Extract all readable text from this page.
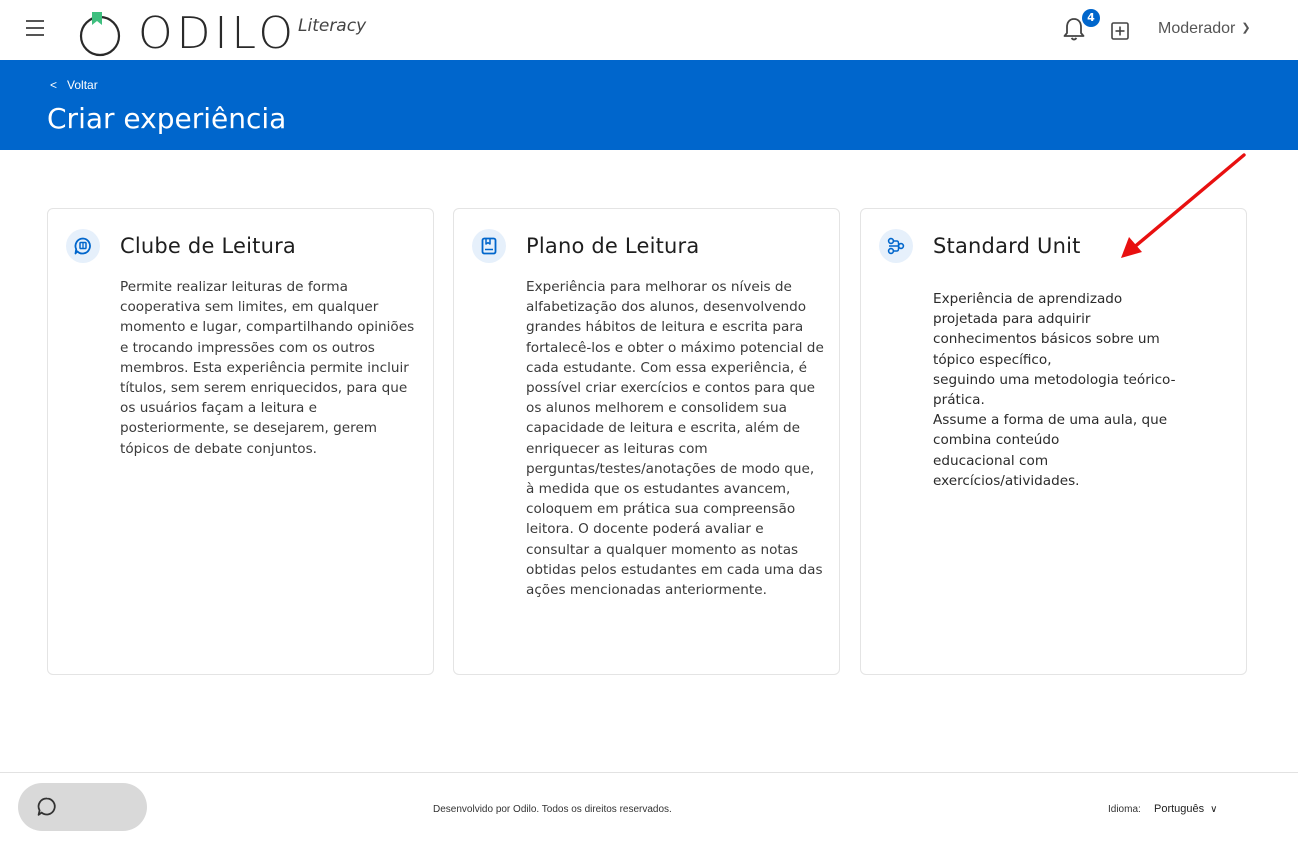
ODILO Literacy	4
Moderador ❯
< Voltar
Criar experiência
Clube de Leitura
Permite realizar leituras de forma cooperativa sem limites, em qualquer momento e lugar, compartilhando opiniões e trocando impressões com os outros membros. Esta experiência permite incluir títulos, sem serem enriquecidos, para que os usuários façam a leitura e posteriormente, se desejarem, gerem tópicos de debate conjuntos.
Plano de Leitura
Experiência para melhorar os níveis de alfabetização dos alunos, desenvolvendo grandes hábitos de leitura e escrita para fortalecê-los e obter o máximo potencial de cada estudante. Com essa experiência, é possível criar exercícios e contos para que os alunos melhorem e consolidem sua capacidade de leitura e escrita, além de enriquecer as leituras com perguntas/testes/anotações de modo que, à medida que os estudantes avancem, coloquem em prática sua compreensão leitora. O docente poderá avaliar e consultar a qualquer momento as notas obtidas pelos estudantes em cada uma das ações mencionadas anteriormente.
Standard Unit
Experiência de aprendizado
projetada para adquirir
conhecimentos básicos sobre um
tópico específico,
seguindo uma metodologia teórico-
prática.
Assume a forma de uma aula, que
combina conteúdo
educacional com
exercícios/atividades.
Desenvolvido por Odilo. Todos os direitos reservados.	Idioma: Português ∨
